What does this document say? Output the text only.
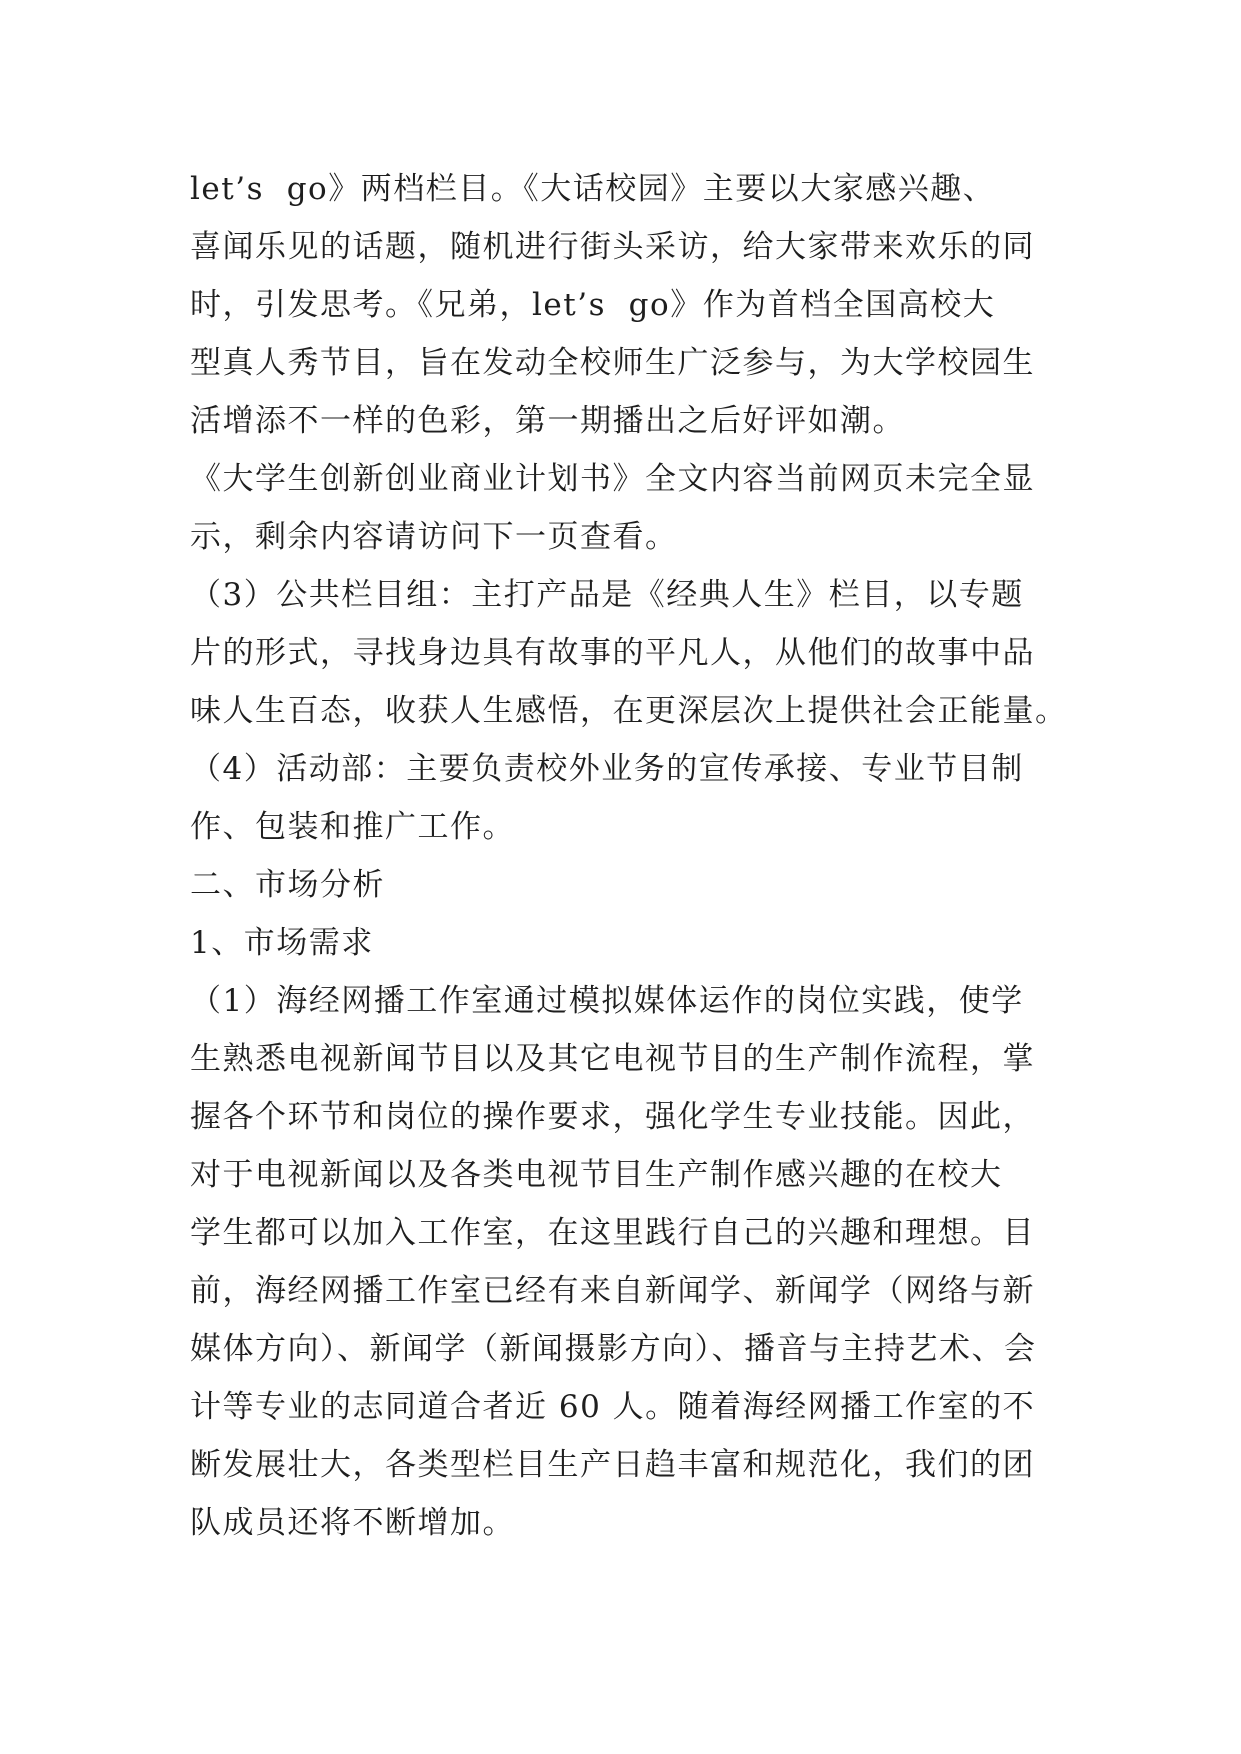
let’s  go》两档栏目。《大话校园》主要以大家感兴趣、
喜闻乐见的话题，随机进行街头采访，给大家带来欢乐的同
时，引发思考。《兄弟，let’s  go》作为首档全国高校大
型真人秀节目，旨在发动全校师生广泛参与，为大学校园生
活增添不一样的色彩，第一期播出之后好评如潮。
《大学生创新创业商业计划书》全文内容当前网页未完全显
示，剩余内容请访问下一页查看。
（3）公共栏目组：主打产品是《经典人生》栏目，以专题
片的形式，寻找身边具有故事的平凡人，从他们的故事中品
味人生百态，收获人生感悟，在更深层次上提供社会正能量。
（4）活动部：主要负责校外业务的宣传承接、专业节目制
作、包装和推广工作。
二、市场分析
1、市场需求
（1）海经网播工作室通过模拟媒体运作的岗位实践，使学
生熟悉电视新闻节目以及其它电视节目的生产制作流程，掌
握各个环节和岗位的操作要求，强化学生专业技能。因此，
对于电视新闻以及各类电视节目生产制作感兴趣的在校大
学生都可以加入工作室，在这里践行自己的兴趣和理想。目
前，海经网播工作室已经有来自新闻学、新闻学（网络与新
媒体方向）、新闻学（新闻摄影方向）、播音与主持艺术、会
计等专业的志同道合者近 60 人。随着海经网播工作室的不
断发展壮大，各类型栏目生产日趋丰富和规范化，我们的团
队成员还将不断增加。
